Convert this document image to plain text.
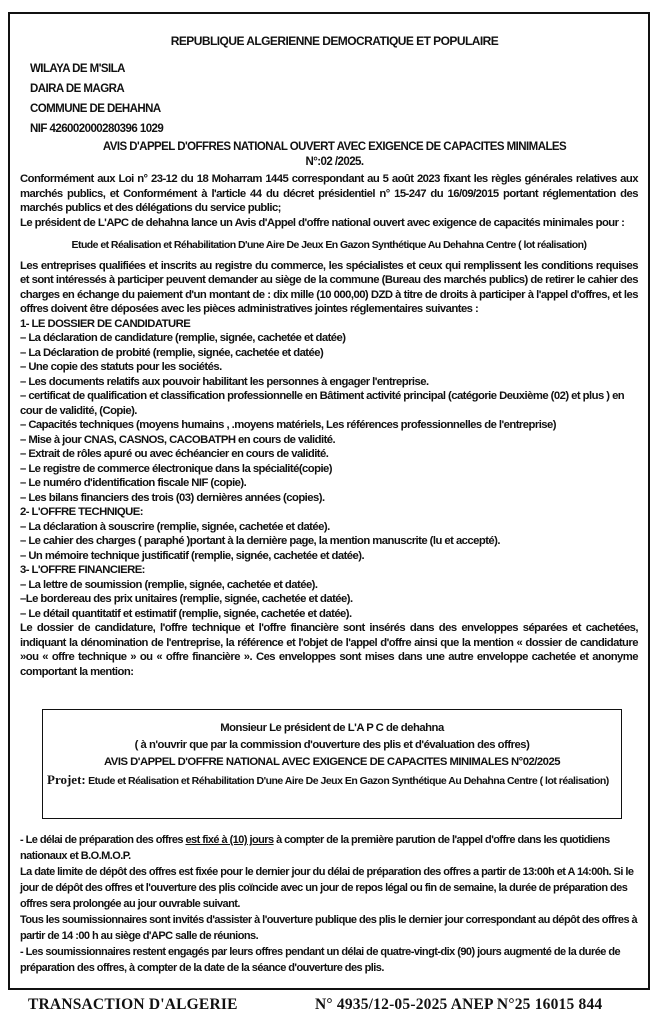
REPUBLIQUE ALGERIENNE DEMOCRATIQUE ET POPULAIRE
WILAYA DE M'SILA
DAIRA DE MAGRA
COMMUNE DE DEHAHNA
NIF 426002000280396 1029
AVIS D'APPEL D'OFFRES NATIONAL OUVERT AVEC EXIGENCE DE CAPACITES MINIMALES
N°:02 /2025.

Conformément aux Loi n° 23-12 du 18 Moharram 1445 correspondant au 5 août 2023 fixant les règles générales relatives aux marchés publics, et Conformément à l'article 44 du décret présidentiel n° 15-247 du 16/09/2015 portant réglementation des marchés publics et des délégations du service public;

Le président de L'APC de dehahna lance un Avis d'Appel d'offre national ouvert avec exigence de capacités minimales pour :

Etude et Réalisation et Réhabilitation D'une Aire De Jeux En Gazon Synthétique Au Dehahna Centre ( lot réalisation)

Les entreprises qualifiées et inscrits au registre du commerce, les spécialistes et ceux qui remplissent les conditions requises et sont intéressés à participer peuvent demander au siège de la commune (Bureau des marchés publics) de retirer le cahier des charges en échange du paiement d'un montant de : dix mille (10 000,00) DZD à titre de droits à participer à l'appel d'offres, et les offres doivent être déposées avec les pièces administratives jointes réglementaires suivantes :

1- LE DOSSIER DE CANDIDATURE
– La déclaration de candidature (remplie, signée, cachetée et datée)
– La Déclaration de probité (remplie, signée, cachetée et datée)
– Une copie des statuts pour les sociétés.
– Les documents relatifs aux pouvoir habilitant les personnes à engager l'entreprise.
– certificat de qualification et classification professionnelle en Bâtiment activité principal (catégorie Deuxième (02) et plus ) en cour de validité, (Copie).
– Capacités techniques (moyens humains , .moyens matériels, Les références professionnelles de l'entreprise)
– Mise à jour CNAS, CASNOS, CACOBATPH en cours de validité.
– Extrait de rôles apuré ou avec échéancier en cours de validité.
– Le registre de commerce électronique dans la spécialité(copie)
– Le numéro d'identification fiscale NIF (copie).
– Les bilans financiers des trois (03) dernières années (copies).
2- L'OFFRE TECHNIQUE:
– La déclaration à souscrire (remplie, signée, cachetée et datée).
– Le cahier des charges ( paraphé )portant à la dernière page, la mention manuscrite (lu et accepté).
– Un mémoire technique justificatif (remplie, signée, cachetée et datée).
3- L'OFFRE FINANCIERE:
– La lettre de soumission (remplie, signée, cachetée et datée).
–Le bordereau des prix unitaires (remplie, signée, cachetée et datée).
– Le détail quantitatif et estimatif (remplie, signée, cachetée et datée).

Le dossier de candidature, l'offre technique et l'offre financière sont insérés dans des enveloppes séparées et cachetées, indiquant la dénomination de l'entreprise, la référence et l'objet de l'appel d'offre ainsi que la mention « dossier de candidature »ou « offre technique » ou « offre financière ». Ces enveloppes sont mises dans une autre enveloppe cachetée et anonyme comportant la mention:

Monsieur Le président de L'A P C de dehahna
( à n'ouvrir que par la commission d'ouverture des plis et d'évaluation des offres)
AVIS D'APPEL D'OFFRE NATIONAL AVEC EXIGENCE DE CAPACITES MINIMALES N°02/2025
Projet: Etude et Réalisation et Réhabilitation D'une Aire De Jeux En Gazon Synthétique Au Dehahna Centre ( lot réalisation)

- Le délai de préparation des offres est fixé à (10) jours à compter de la première parution de l'appel d'offre dans les quotidiens nationaux et B.O.M.O.P.

La date limite de dépôt des offres est fixée pour le dernier jour du délai de préparation des offres a partir de 13:00h et A 14:00h. Si le jour de dépôt des offres et l'ouverture des plis coïncide avec un jour de repos légal ou fin de semaine, la durée de préparation des offres sera prolongée au jour ouvrable suivant.

Tous les soumissionnaires sont invités d'assister à l'ouverture publique des plis le dernier jour correspondant au dépôt des offres à partir de 14 :00 h au siège d'APC salle de réunions.

- Les soumissionnaires restent engagés par leurs offres pendant un délai de quatre-vingt-dix (90) jours augmenté de la durée de préparation des offres, à compter de la date de la séance d'ouverture des plis.

TRANSACTION D'ALGERIE	N° 4935/12-05-2025 ANEP N°25 16015 844
